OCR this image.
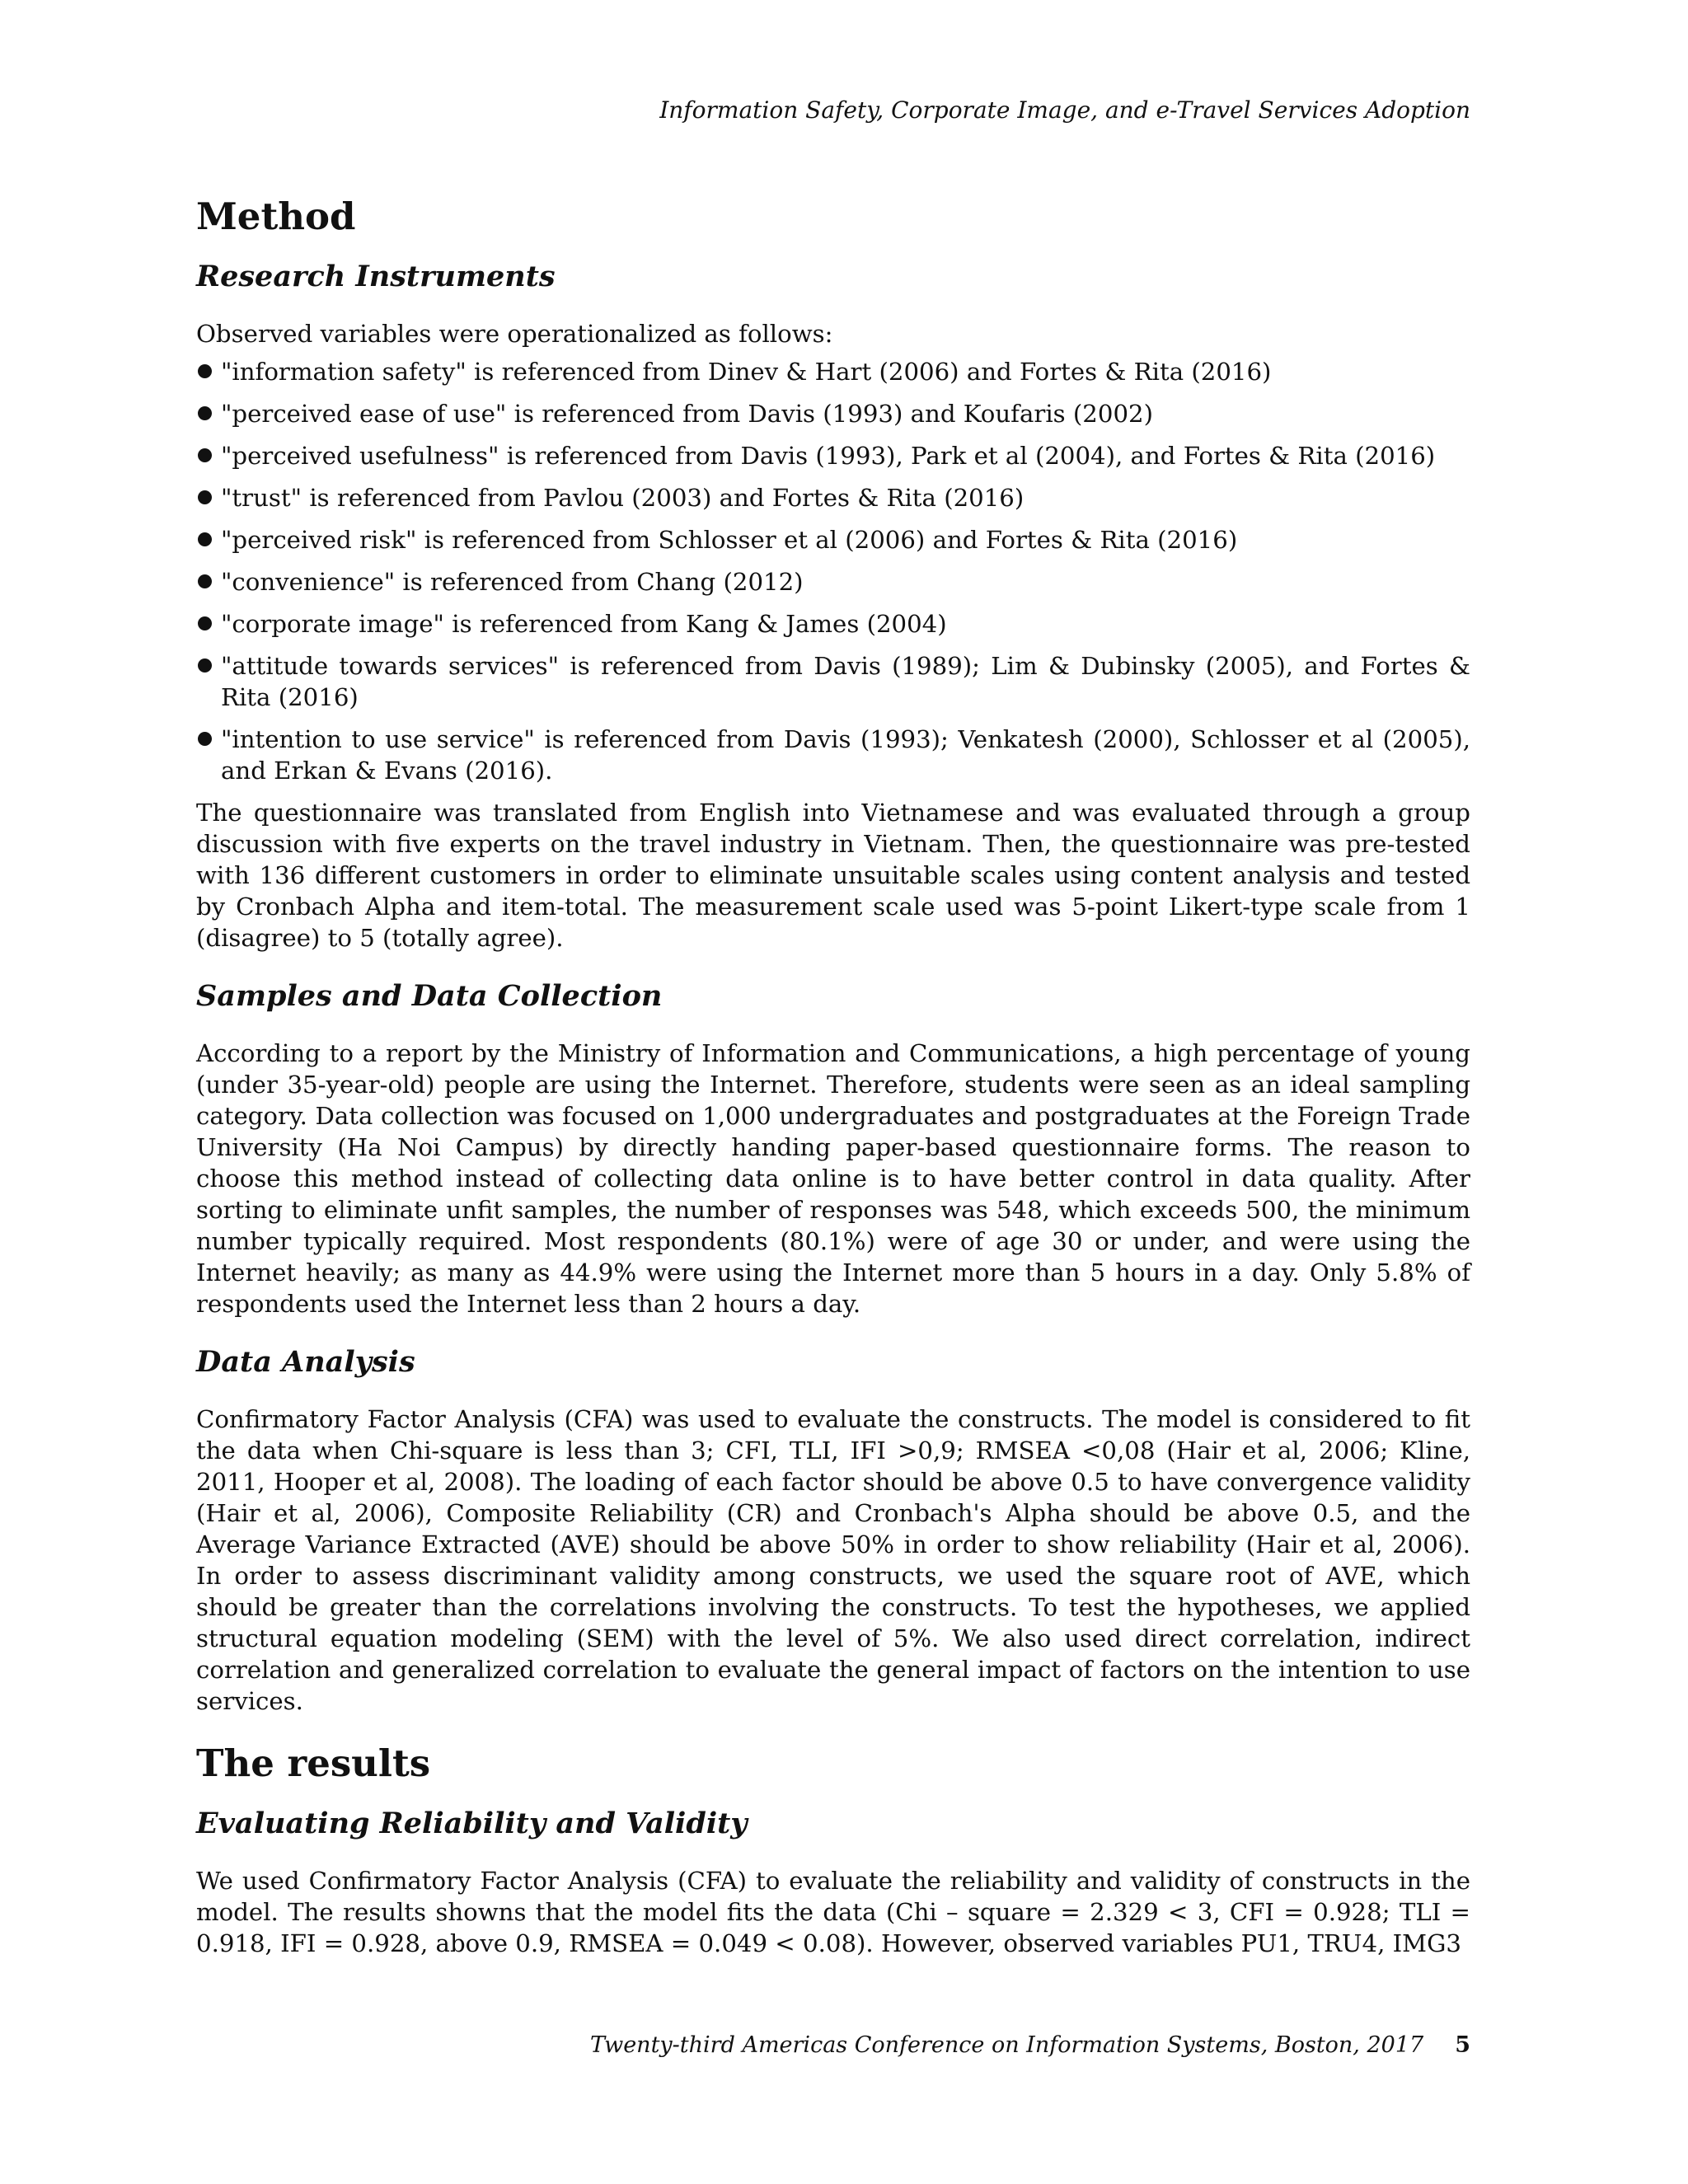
Information Safety, Corporate Image, and e-Travel Services Adoption
Method
Research Instruments

Observed variables were operationalized as follows:

"information safety" is referenced from Dinev & Hart (2006) and Fortes & Rita (2016)
"perceived ease of use" is referenced from Davis (1993) and Koufaris (2002)
"perceived usefulness" is referenced from Davis (1993), Park et al (2004), and Fortes & Rita (2016)
"trust" is referenced from Pavlou (2003) and Fortes & Rita (2016)
"perceived risk" is referenced from Schlosser et al (2006) and Fortes & Rita (2016)
"convenience" is referenced from Chang (2012)
"corporate image" is referenced from Kang & James (2004)
"attitude towards services" is referenced from Davis (1989); Lim & Dubinsky (2005), and Fortes & Rita (2016)
"intention to use service" is referenced from Davis (1993); Venkatesh (2000), Schlosser et al (2005), and Erkan & Evans (2016).

The questionnaire was translated from English into Vietnamese and was evaluated through a group discussion with five experts on the travel industry in Vietnam. Then, the questionnaire was pre-tested with 136 different customers in order to eliminate unsuitable scales using content analysis and tested by Cronbach Alpha and item-total. The measurement scale used was 5-point Likert-type scale from 1 (disagree) to 5 (totally agree).

Samples and Data Collection

According to a report by the Ministry of Information and Communications, a high percentage of young (under 35-year-old) people are using the Internet. Therefore, students were seen as an ideal sampling category. Data collection was focused on 1,000 undergraduates and postgraduates at the Foreign Trade University (Ha Noi Campus) by directly handing paper-based questionnaire forms. The reason to choose this method instead of collecting data online is to have better control in data quality. After sorting to eliminate unfit samples, the number of responses was 548, which exceeds 500, the minimum number typically required. Most respondents (80.1%) were of age 30 or under, and were using the Internet heavily; as many as 44.9% were using the Internet more than 5 hours in a day. Only 5.8% of respondents used the Internet less than 2 hours a day.

Data Analysis

Confirmatory Factor Analysis (CFA) was used to evaluate the constructs. The model is considered to fit the data when Chi-square is less than 3; CFI, TLI, IFI >0,9; RMSEA <0,08 (Hair et al, 2006; Kline, 2011, Hooper et al, 2008). The loading of each factor should be above 0.5 to have convergence validity (Hair et al, 2006), Composite Reliability (CR) and Cronbach's Alpha should be above 0.5, and the Average Variance Extracted (AVE) should be above 50% in order to show reliability (Hair et al, 2006). In order to assess discriminant validity among constructs, we used the square root of AVE, which should be greater than the correlations involving the constructs. To test the hypotheses, we applied structural equation modeling (SEM) with the level of 5%. We also used direct correlation, indirect correlation and generalized correlation to evaluate the general impact of factors on the intention to use services.

The results
Evaluating Reliability and Validity

We used Confirmatory Factor Analysis (CFA) to evaluate the reliability and validity of constructs in the model. The results showns that the model fits the data (Chi – square = 2.329 < 3, CFI = 0.928; TLI = 0.918, IFI = 0.928, above 0.9, RMSEA = 0.049 < 0.08). However, observed variables PU1, TRU4, IMG3

Twenty-third Americas Conference on Information Systems, Boston, 2017 5
